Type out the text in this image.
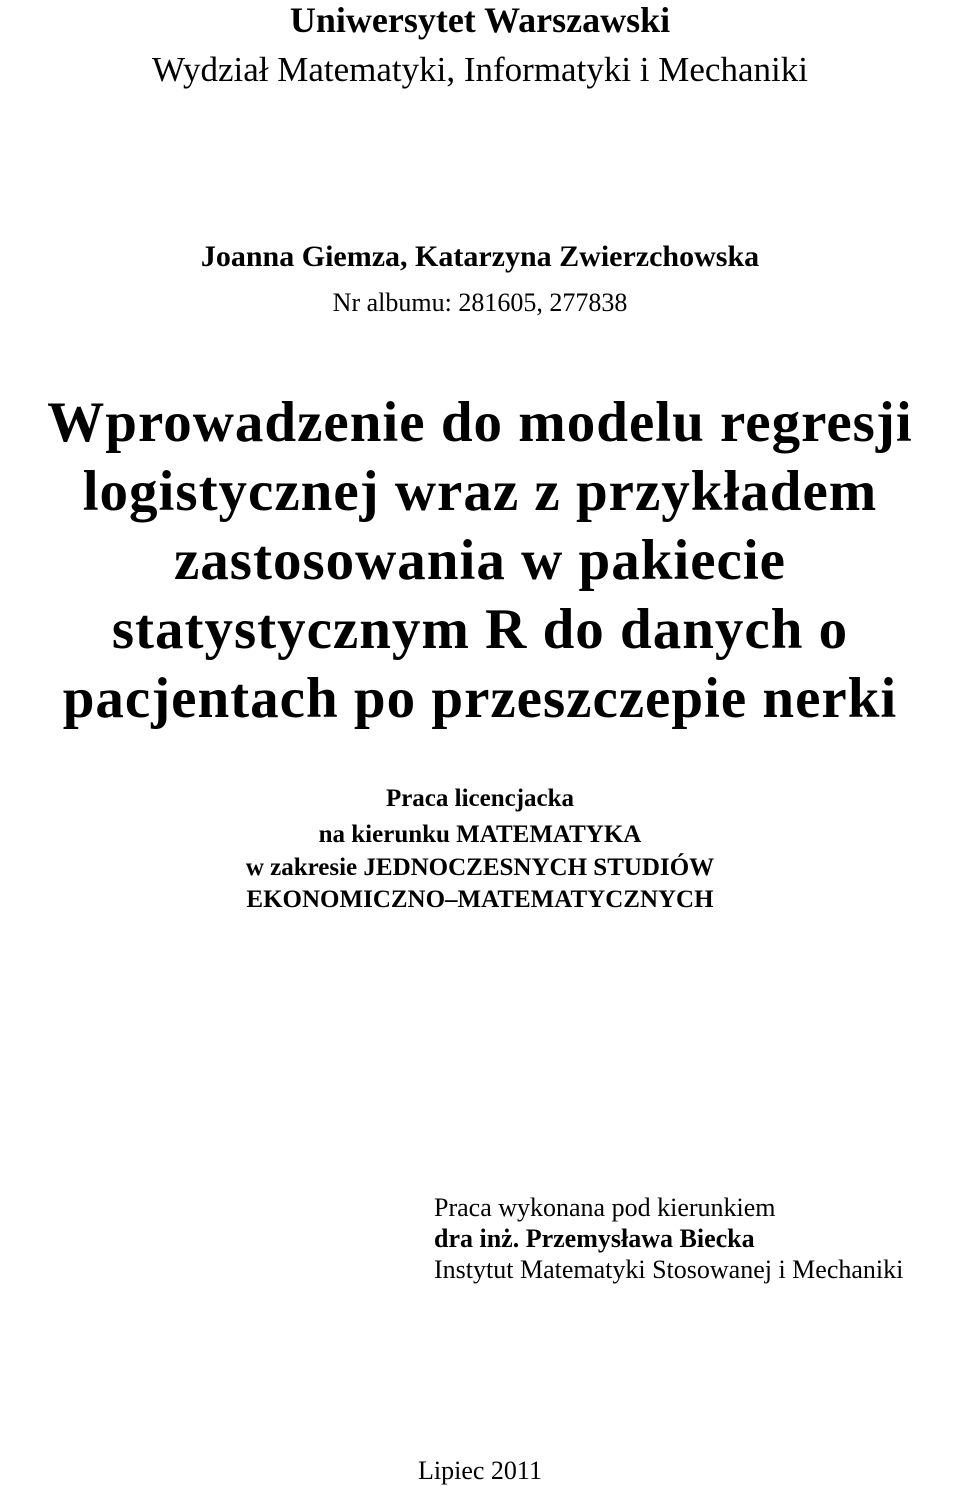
Uniwersytet Warszawski
Wydział Matematyki, Informatyki i Mechaniki
Joanna Giemza, Katarzyna Zwierzchowska
Nr albumu: 281605, 277838
Wprowadzenie do modelu regresji
logistycznej wraz z przykładem
zastosowania w pakiecie
statystycznym R do danych o
pacjentach po przeszczepie nerki
Praca licencjacka
na kierunku MATEMATYKA
w zakresie JEDNOCZESNYCH STUDIÓW
EKONOMICZNO–MATEMATYCZNYCH
Praca wykonana pod kierunkiem
dra inż. Przemysława Biecka
Instytut Matematyki Stosowanej i Mechaniki
Lipiec 2011
